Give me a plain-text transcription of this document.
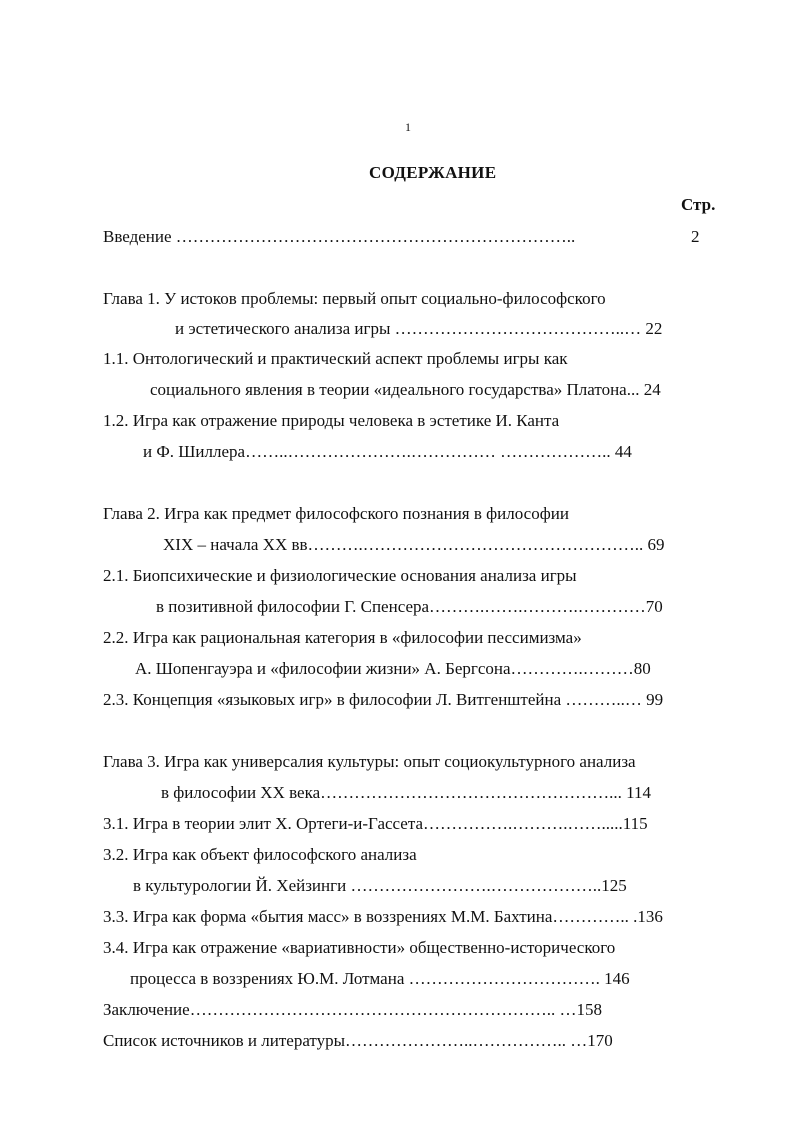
1
СОДЕРЖАНИЕ
Стр.
Введение ……………………………………………………………..	2
Глава 1. У истоков проблемы: первый опыт социально-философского
и эстетического анализа игры …………………………………..… 22
1.1. Онтологический и практический аспект проблемы игры как
социального явления в теории «идеального государства» Платона... 24
1.2. Игра как отражение природы человека в эстетике И. Канта
и Ф. Шиллера……..………………….…………… ……………….. 44
Глава 2. Игра как предмет философского познания в философии
XIX – начала XX вв……….………………………………………….. 69
2.1. Биопсихические и физиологические основания анализа игры
в позитивной философии Г. Спенсера……….…….……….…………70
2.2. Игра как рациональная категория в «философии пессимизма»
А. Шопенгауэра и «философии жизни» А. Бергсона………….………80
2.3. Концепция «языковых игр» в философии Л. Витгенштейна ………..… 99
Глава 3. Игра как универсалия культуры: опыт социокультурного анализа
в философии XX века……………………………………………... 114
3.1. Игра в теории элит Х. Ортеги-и-Гассета…………….……….…….....115
3.2. Игра как объект философского анализа
в культурологии Й. Хейзинги …………………….………………..125
3.3. Игра как форма «бытия масс» в воззрениях М.М. Бахтина………….. .136
3.4. Игра как отражение «вариативности» общественно-исторического
процесса в воззрениях Ю.М. Лотмана ……………………………. 146
Заключение……………………………………………………….. …158
Список источников и литературы…………………..…………….. …170
